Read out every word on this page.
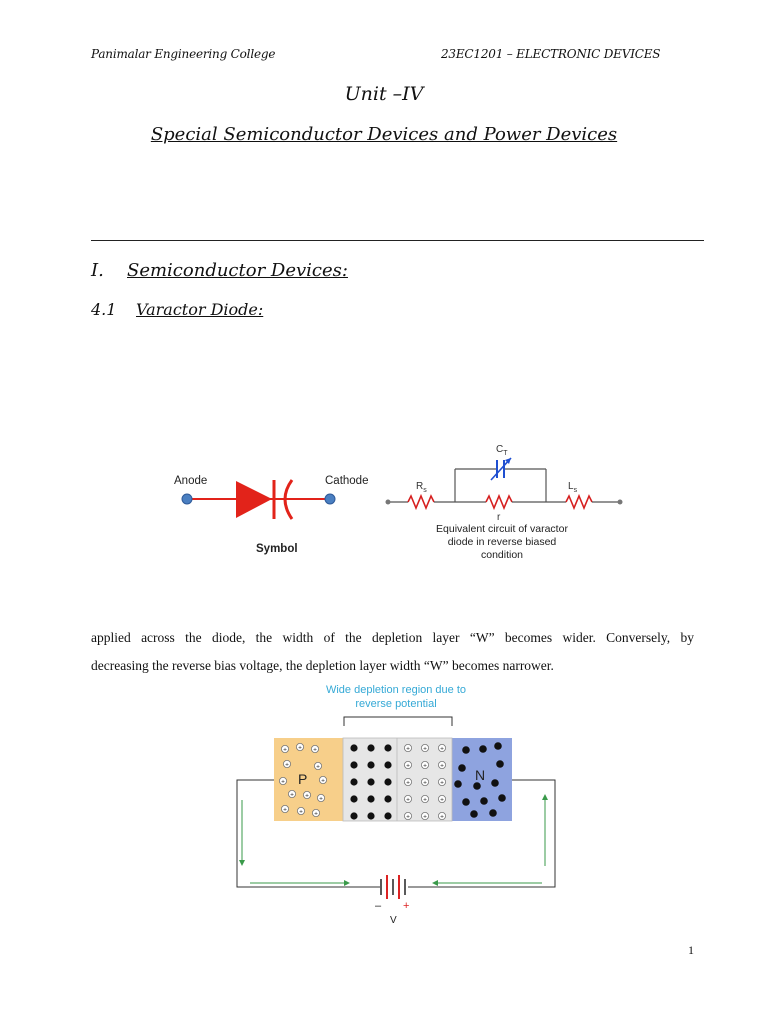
Panimalar Engineering College	23EC1201 – ELECTRONIC DEVICES
Unit –IV
Special Semiconductor Devices and Power Devices
I. Semiconductor Devices:
4.1 Varactor Diode:
Anode	Cathode
Symbol
$C_T$
$R_s$	$L_s$
r
Equivalent circuit of varactor
diode in reverse biased
condition
applied across the diode, the width of the depletion layer “W” becomes wider. Conversely, by
decreasing the reverse bias voltage, the depletion layer width “W” becomes narrower.
Wide depletion region due to
reverse potential
+ + +
+	+
+	+
+ + +
+ + +
+ + +
+ + +
+ + +
+ + +
+ + +
P	N
– +
V
1
